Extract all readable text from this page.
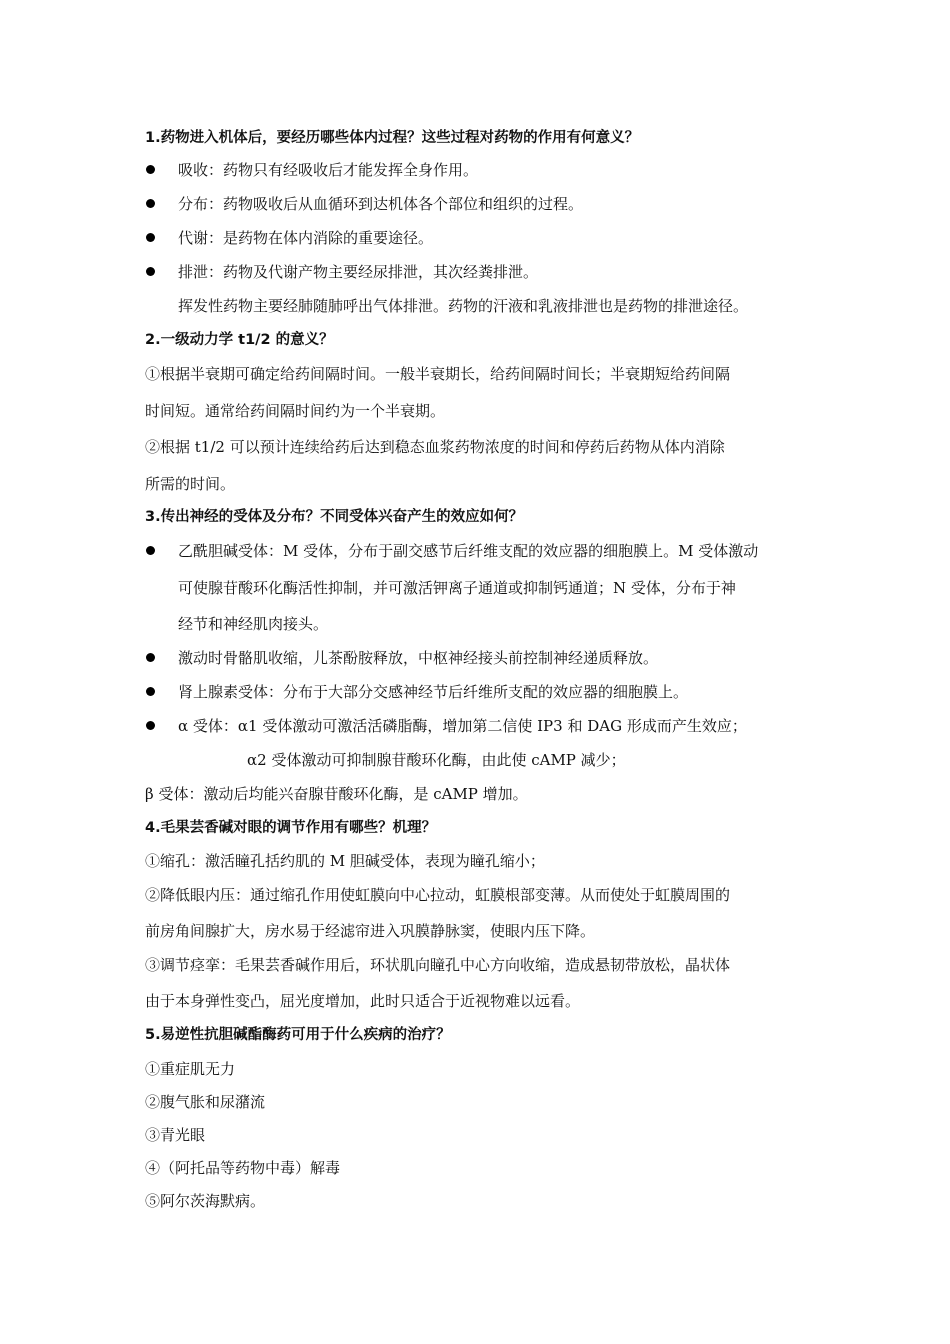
1.药物进入机体后，要经历哪些体内过程？这些过程对药物的作用有何意义？
吸收：药物只有经吸收后才能发挥全身作用。
分布：药物吸收后从血循环到达机体各个部位和组织的过程。
代谢：是药物在体内消除的重要途径。
排泄：药物及代谢产物主要经尿排泄，其次经粪排泄。
挥发性药物主要经肺随肺呼出气体排泄。药物的汗液和乳液排泄也是药物的排泄途径。
2.一级动力学 t1/2 的意义？
①根据半衰期可确定给药间隔时间。一般半衰期长，给药间隔时间长；半衰期短给药间隔
时间短。通常给药间隔时间约为一个半衰期。
②根据 t1/2 可以预计连续给药后达到稳态血浆药物浓度的时间和停药后药物从体内消除
所需的时间。
3.传出神经的受体及分布？不同受体兴奋产生的效应如何？
乙酰胆碱受体：M 受体，分布于副交感节后纤维支配的效应器的细胞膜上。M 受体激动
可使腺苷酸环化酶活性抑制，并可激活钾离子通道或抑制钙通道；N 受体，分布于神
经节和神经肌肉接头。
激动时骨骼肌收缩，儿茶酚胺释放，中枢神经接头前控制神经递质释放。
肾上腺素受体：分布于大部分交感神经节后纤维所支配的效应器的细胞膜上。
α 受体：α1 受体激动可激活活磷脂酶，增加第二信使 IP3 和 DAG 形成而产生效应；
α2 受体激动可抑制腺苷酸环化酶，由此使 cAMP 减少；
β 受体：激动后均能兴奋腺苷酸环化酶，是 cAMP 增加。
4.毛果芸香碱对眼的调节作用有哪些？机理？
①缩孔：激活瞳孔括约肌的 M 胆碱受体，表现为瞳孔缩小；
②降低眼内压：通过缩孔作用使虹膜向中心拉动，虹膜根部变薄。从而使处于虹膜周围的
前房角间腺扩大，房水易于经滤帘进入巩膜静脉窦，使眼内压下降。
③调节痉挛：毛果芸香碱作用后，环状肌向瞳孔中心方向收缩，造成悬韧带放松，晶状体
由于本身弹性变凸，屈光度增加，此时只适合于近视物难以远看。
5.易逆性抗胆碱酯酶药可用于什么疾病的治疗？
①重症肌无力
②腹气胀和尿潴流
③青光眼
④（阿托品等药物中毒）解毒
⑤阿尔茨海默病。
